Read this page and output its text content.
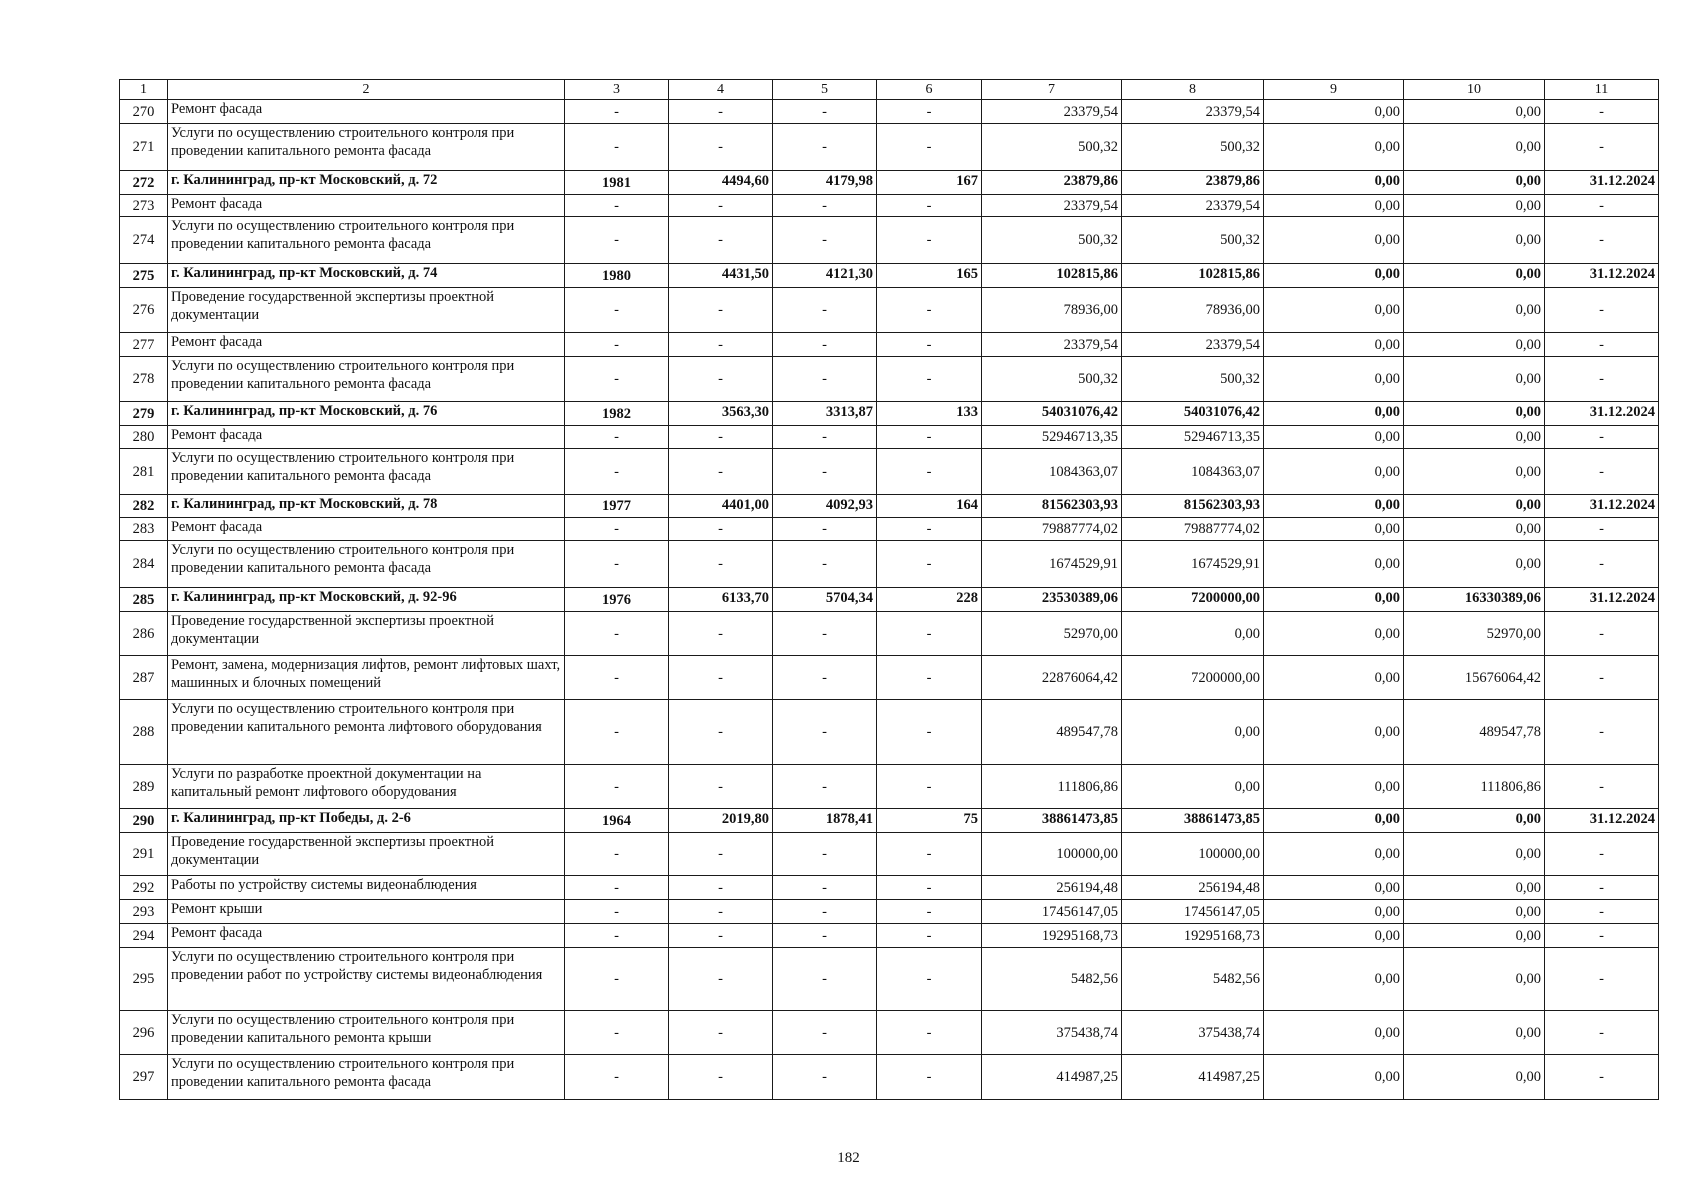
1	2	3	4	5	6	7	8	9	10	11
270	Ремонт фасада	-	-	-	-	23379,54	23379,54	0,00	0,00	-
271	Услуги по осуществлению строительного контроля при проведении капитального ремонта фасада	-	-	-	-	500,32	500,32	0,00	0,00	-
272	г. Калининград, пр-кт Московский, д. 72	1981	4494,60	4179,98	167	23879,86	23879,86	0,00	0,00	31.12.2024
273	Ремонт фасада	-	-	-	-	23379,54	23379,54	0,00	0,00	-
274	Услуги по осуществлению строительного контроля при проведении капитального ремонта фасада	-	-	-	-	500,32	500,32	0,00	0,00	-
275	г. Калининград, пр-кт Московский, д. 74	1980	4431,50	4121,30	165	102815,86	102815,86	0,00	0,00	31.12.2024
276	Проведение государственной экспертизы проектной документации	-	-	-	-	78936,00	78936,00	0,00	0,00	-
277	Ремонт фасада	-	-	-	-	23379,54	23379,54	0,00	0,00	-
278	Услуги по осуществлению строительного контроля при проведении капитального ремонта фасада	-	-	-	-	500,32	500,32	0,00	0,00	-
279	г. Калининград, пр-кт Московский, д. 76	1982	3563,30	3313,87	133	54031076,42	54031076,42	0,00	0,00	31.12.2024
280	Ремонт фасада	-	-	-	-	52946713,35	52946713,35	0,00	0,00	-
281	Услуги по осуществлению строительного контроля при проведении капитального ремонта фасада	-	-	-	-	1084363,07	1084363,07	0,00	0,00	-
282	г. Калининград, пр-кт Московский, д. 78	1977	4401,00	4092,93	164	81562303,93	81562303,93	0,00	0,00	31.12.2024
283	Ремонт фасада	-	-	-	-	79887774,02	79887774,02	0,00	0,00	-
284	Услуги по осуществлению строительного контроля при проведении капитального ремонта фасада	-	-	-	-	1674529,91	1674529,91	0,00	0,00	-
285	г. Калининград, пр-кт Московский, д. 92-96	1976	6133,70	5704,34	228	23530389,06	7200000,00	0,00	16330389,06	31.12.2024
286	Проведение государственной экспертизы проектной документации	-	-	-	-	52970,00	0,00	0,00	52970,00	-
287	Ремонт, замена, модернизация лифтов, ремонт лифтовых шахт, машинных и блочных помещений	-	-	-	-	22876064,42	7200000,00	0,00	15676064,42	-
288	Услуги по осуществлению строительного контроля при проведении капитального ремонта лифтового оборудования	-	-	-	-	489547,78	0,00	0,00	489547,78	-
289	Услуги по разработке проектной документации на капитальный ремонт лифтового оборудования	-	-	-	-	111806,86	0,00	0,00	111806,86	-
290	г. Калининград, пр-кт Победы, д. 2-6	1964	2019,80	1878,41	75	38861473,85	38861473,85	0,00	0,00	31.12.2024
291	Проведение государственной экспертизы проектной документации	-	-	-	-	100000,00	100000,00	0,00	0,00	-
292	Работы по устройству системы видеонаблюдения	-	-	-	-	256194,48	256194,48	0,00	0,00	-
293	Ремонт крыши	-	-	-	-	17456147,05	17456147,05	0,00	0,00	-
294	Ремонт фасада	-	-	-	-	19295168,73	19295168,73	0,00	0,00	-
295	Услуги по осуществлению строительного контроля при проведении работ по устройству системы видеонаблюдения	-	-	-	-	5482,56	5482,56	0,00	0,00	-
296	Услуги по осуществлению строительного контроля при проведении капитального ремонта крыши	-	-	-	-	375438,74	375438,74	0,00	0,00	-
297	Услуги по осуществлению строительного контроля при проведении капитального ремонта фасада	-	-	-	-	414987,25	414987,25	0,00	0,00	-
182
